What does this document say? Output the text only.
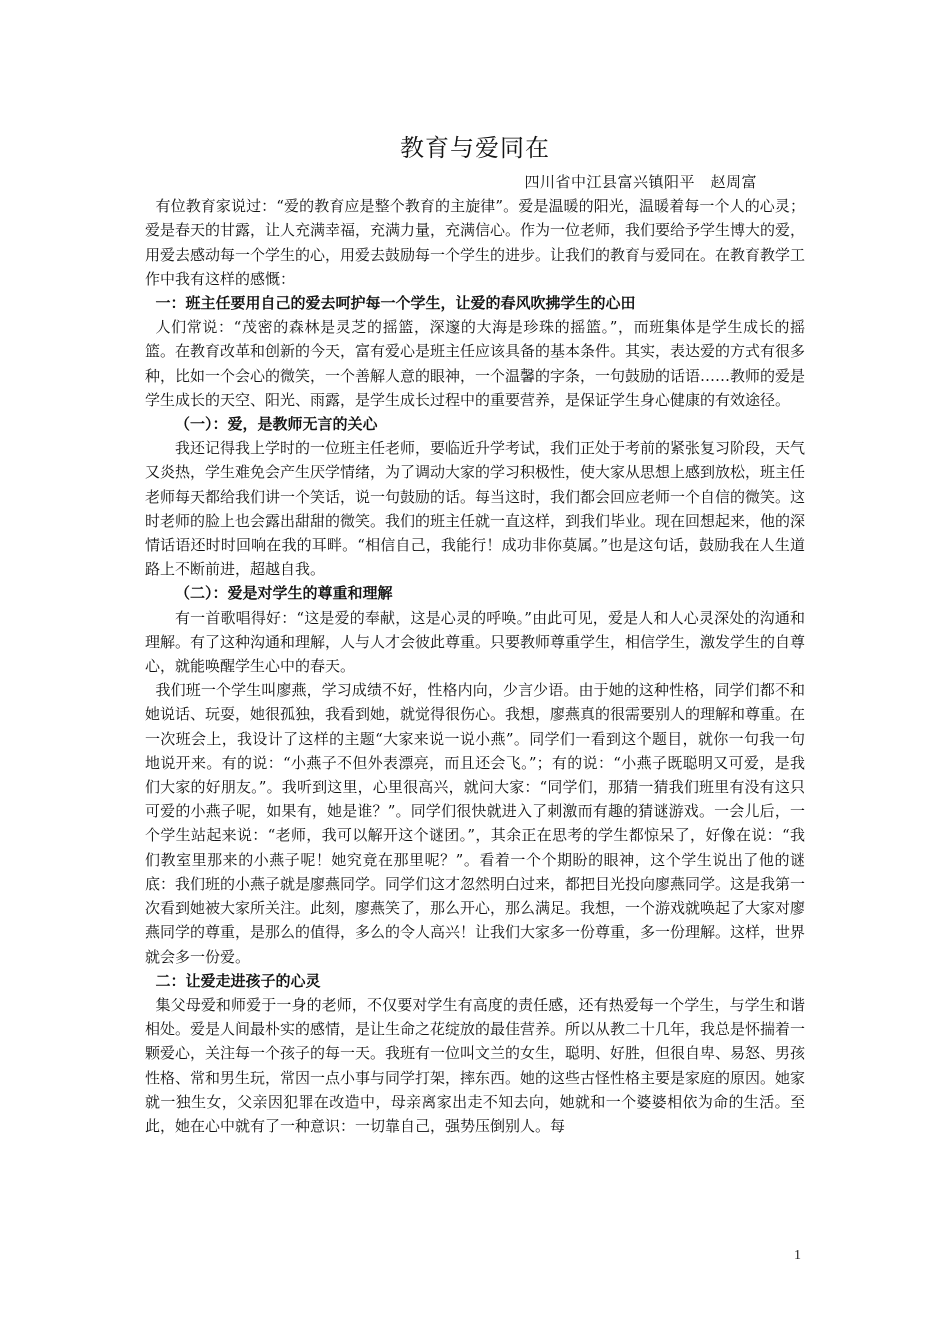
教育与爱同在

四川省中江县富兴镇阳平　赵周富

有位教育家说过：“爱的教育应是整个教育的主旋律”。爱是温暖的阳光，温暖着每一个人的心灵；爱是春天的甘露，让人充满幸福，充满力量，充满信心。作为一位老师，我们要给予学生博大的爱，用爱去感动每一个学生的心，用爱去鼓励每一个学生的进步。让我们的教育与爱同在。在教育教学工作中我有这样的感慨：

一：班主任要用自己的爱去呵护每一个学生，让爱的春风吹拂学生的心田

人们常说：“茂密的森林是灵芝的摇篮，深邃的大海是珍珠的摇篮。”，而班集体是学生成长的摇篮。在教育改革和创新的今天，富有爱心是班主任应该具备的基本条件。其实，表达爱的方式有很多种，比如一个会心的微笑，一个善解人意的眼神，一个温馨的字条，一句鼓励的话语……教师的爱是学生成长的天空、阳光、雨露，是学生成长过程中的重要营养，是保证学生身心健康的有效途径。

（一）：爱，是教师无言的关心

我还记得我上学时的一位班主任老师，要临近升学考试，我们正处于考前的紧张复习阶段，天气又炎热，学生难免会产生厌学情绪，为了调动大家的学习积极性，使大家从思想上感到放松，班主任老师每天都给我们讲一个笑话，说一句鼓励的话。每当这时，我们都会回应老师一个自信的微笑。这时老师的脸上也会露出甜甜的微笑。我们的班主任就一直这样，到我们毕业。现在回想起来，他的深情话语还时时回响在我的耳畔。“相信自己，我能行！成功非你莫属。”也是这句话，鼓励我在人生道路上不断前进，超越自我。

（二）：爱是对学生的尊重和理解

有一首歌唱得好：“这是爱的奉献，这是心灵的呼唤。”由此可见，爱是人和人心灵深处的沟通和理解。有了这种沟通和理解，人与人才会彼此尊重。只要教师尊重学生，相信学生，激发学生的自尊心，就能唤醒学生心中的春天。

我们班一个学生叫廖燕，学习成绩不好，性格内向，少言少语。由于她的这种性格，同学们都不和她说话、玩耍，她很孤独，我看到她，就觉得很伤心。我想，廖燕真的很需要别人的理解和尊重。在一次班会上，我设计了这样的主题“大家来说一说小燕”。同学们一看到这个题目，就你一句我一句地说开来。有的说：“小燕子不但外表漂亮，而且还会飞。”；有的说：“小燕子既聪明又可爱，是我们大家的好朋友。”。我听到这里，心里很高兴，就问大家：“同学们，那猜一猜我们班里有没有这只可爱的小燕子呢，如果有，她是谁？”。同学们很快就进入了刺激而有趣的猜谜游戏。一会儿后，一个学生站起来说：“老师，我可以解开这个谜团。”，其余正在思考的学生都惊呆了，好像在说：“我们教室里那来的小燕子呢！她究竟在那里呢？”。看着一个个期盼的眼神，这个学生说出了他的谜底：我们班的小燕子就是廖燕同学。同学们这才忽然明白过来，都把目光投向廖燕同学。这是我第一次看到她被大家所关注。此刻，廖燕笑了，那么开心，那么满足。我想，一个游戏就唤起了大家对廖燕同学的尊重，是那么的值得，多么的令人高兴！让我们大家多一份尊重，多一份理解。这样，世界就会多一份爱。

二：让爱走进孩子的心灵

集父母爱和师爱于一身的老师，不仅要对学生有高度的责任感，还有热爱每一个学生，与学生和谐相处。爱是人间最朴实的感情，是让生命之花绽放的最佳营养。所以从教二十几年，我总是怀揣着一颗爱心，关注每一个孩子的每一天。我班有一位叫文兰的女生，聪明、好胜，但很自卑、易怒、男孩性格、常和男生玩，常因一点小事与同学打架，摔东西。她的这些古怪性格主要是家庭的原因。她家就一独生女，父亲因犯罪在改造中，母亲离家出走不知去向，她就和一个婆婆相依为命的生活。至此，她在心中就有了一种意识：一切靠自己，强势压倒别人。每

1
